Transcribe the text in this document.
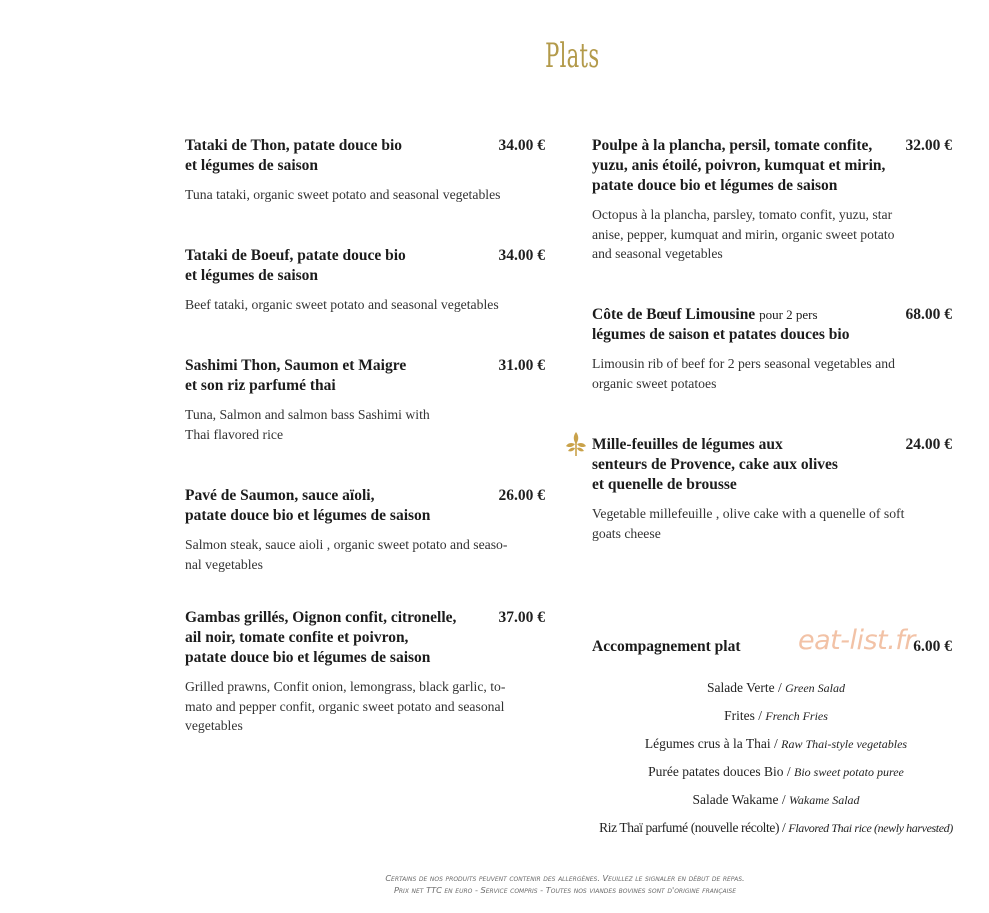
Plats
Tataki de Thon, patate douce bio
et légumes de saison
34.00 €
Tuna tataki, organic sweet potato and seasonal vegetables
Tataki de Boeuf, patate douce bio
et légumes de saison
34.00 €
Beef tataki, organic sweet potato and seasonal vegetables
Sashimi Thon, Saumon et Maigre
et son riz parfumé thai
31.00 €
Tuna, Salmon and salmon bass Sashimi with
Thai flavored rice
Pavé de Saumon, sauce aïoli,
patate douce bio et légumes de saison
26.00 €
Salmon steak, sauce aioli , organic sweet potato and seaso-
nal vegetables
Gambas grillés, Oignon confit, citronelle,
ail noir, tomate confite et poivron,
patate douce bio et légumes de saison
37.00 €
Grilled prawns, Confit onion, lemongrass, black garlic, to-
mato and pepper confit, organic sweet potato and seasonal
vegetables
Poulpe à la plancha, persil, tomate confite,
yuzu, anis étoilé, poivron, kumquat et mirin,
patate douce bio et légumes de saison
32.00 €
Octopus à la plancha, parsley, tomato confit, yuzu, star
anise, pepper, kumquat and mirin, organic sweet potato
and seasonal vegetables
Côte de Bœuf Limousine pour 2 pers
légumes de saison et patates douces bio
68.00 €
Limousin rib of beef for 2 pers seasonal vegetables and
organic sweet potatoes
Mille-feuilles de légumes aux
senteurs de Provence, cake aux olives
et quenelle de brousse
24.00 €
Vegetable millefeuille , olive cake with a quenelle of soft
goats cheese
Accompagnement plat	6.00 €
eat-list.fr
Salade Verte / Green Salad
Frites / French Fries
Légumes crus à la Thai / Raw Thai-style vegetables
Purée patates douces Bio / Bio sweet potato puree
Salade Wakame / Wakame Salad
Riz Thaï parfumé (nouvelle récolte) / Flavored Thai rice (newly harvested)
Certains de nos produits peuvent contenir des allergènes. Veuillez le signaler en début de repas.
Prix net TTC en euro - Service compris - Toutes nos viandes bovines sont d'origine française
